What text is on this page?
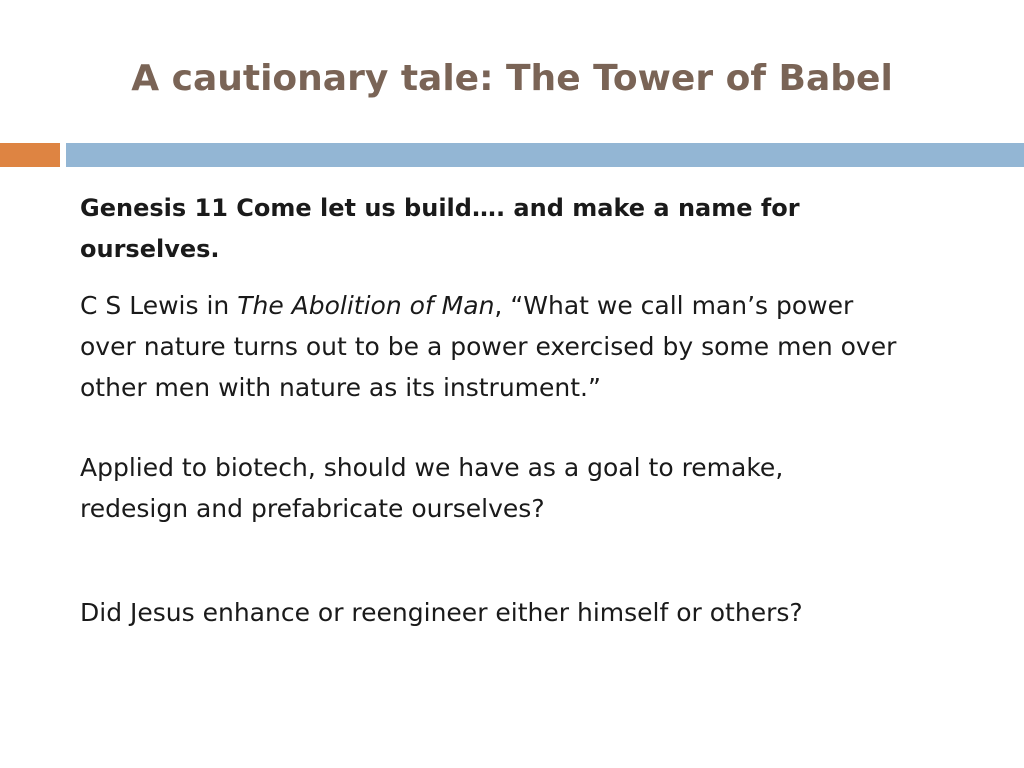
A cautionary tale: The Tower of Babel

Genesis 11 Come let us build…. and make a name for
ourselves.

C S Lewis in The Abolition of Man, “What we call man’s power
over nature turns out to be a power exercised by some men over
other men with nature as its instrument.”

Applied to biotech, should we have as a goal to remake,
redesign and prefabricate ourselves?

Did Jesus enhance or reengineer either himself or others?
